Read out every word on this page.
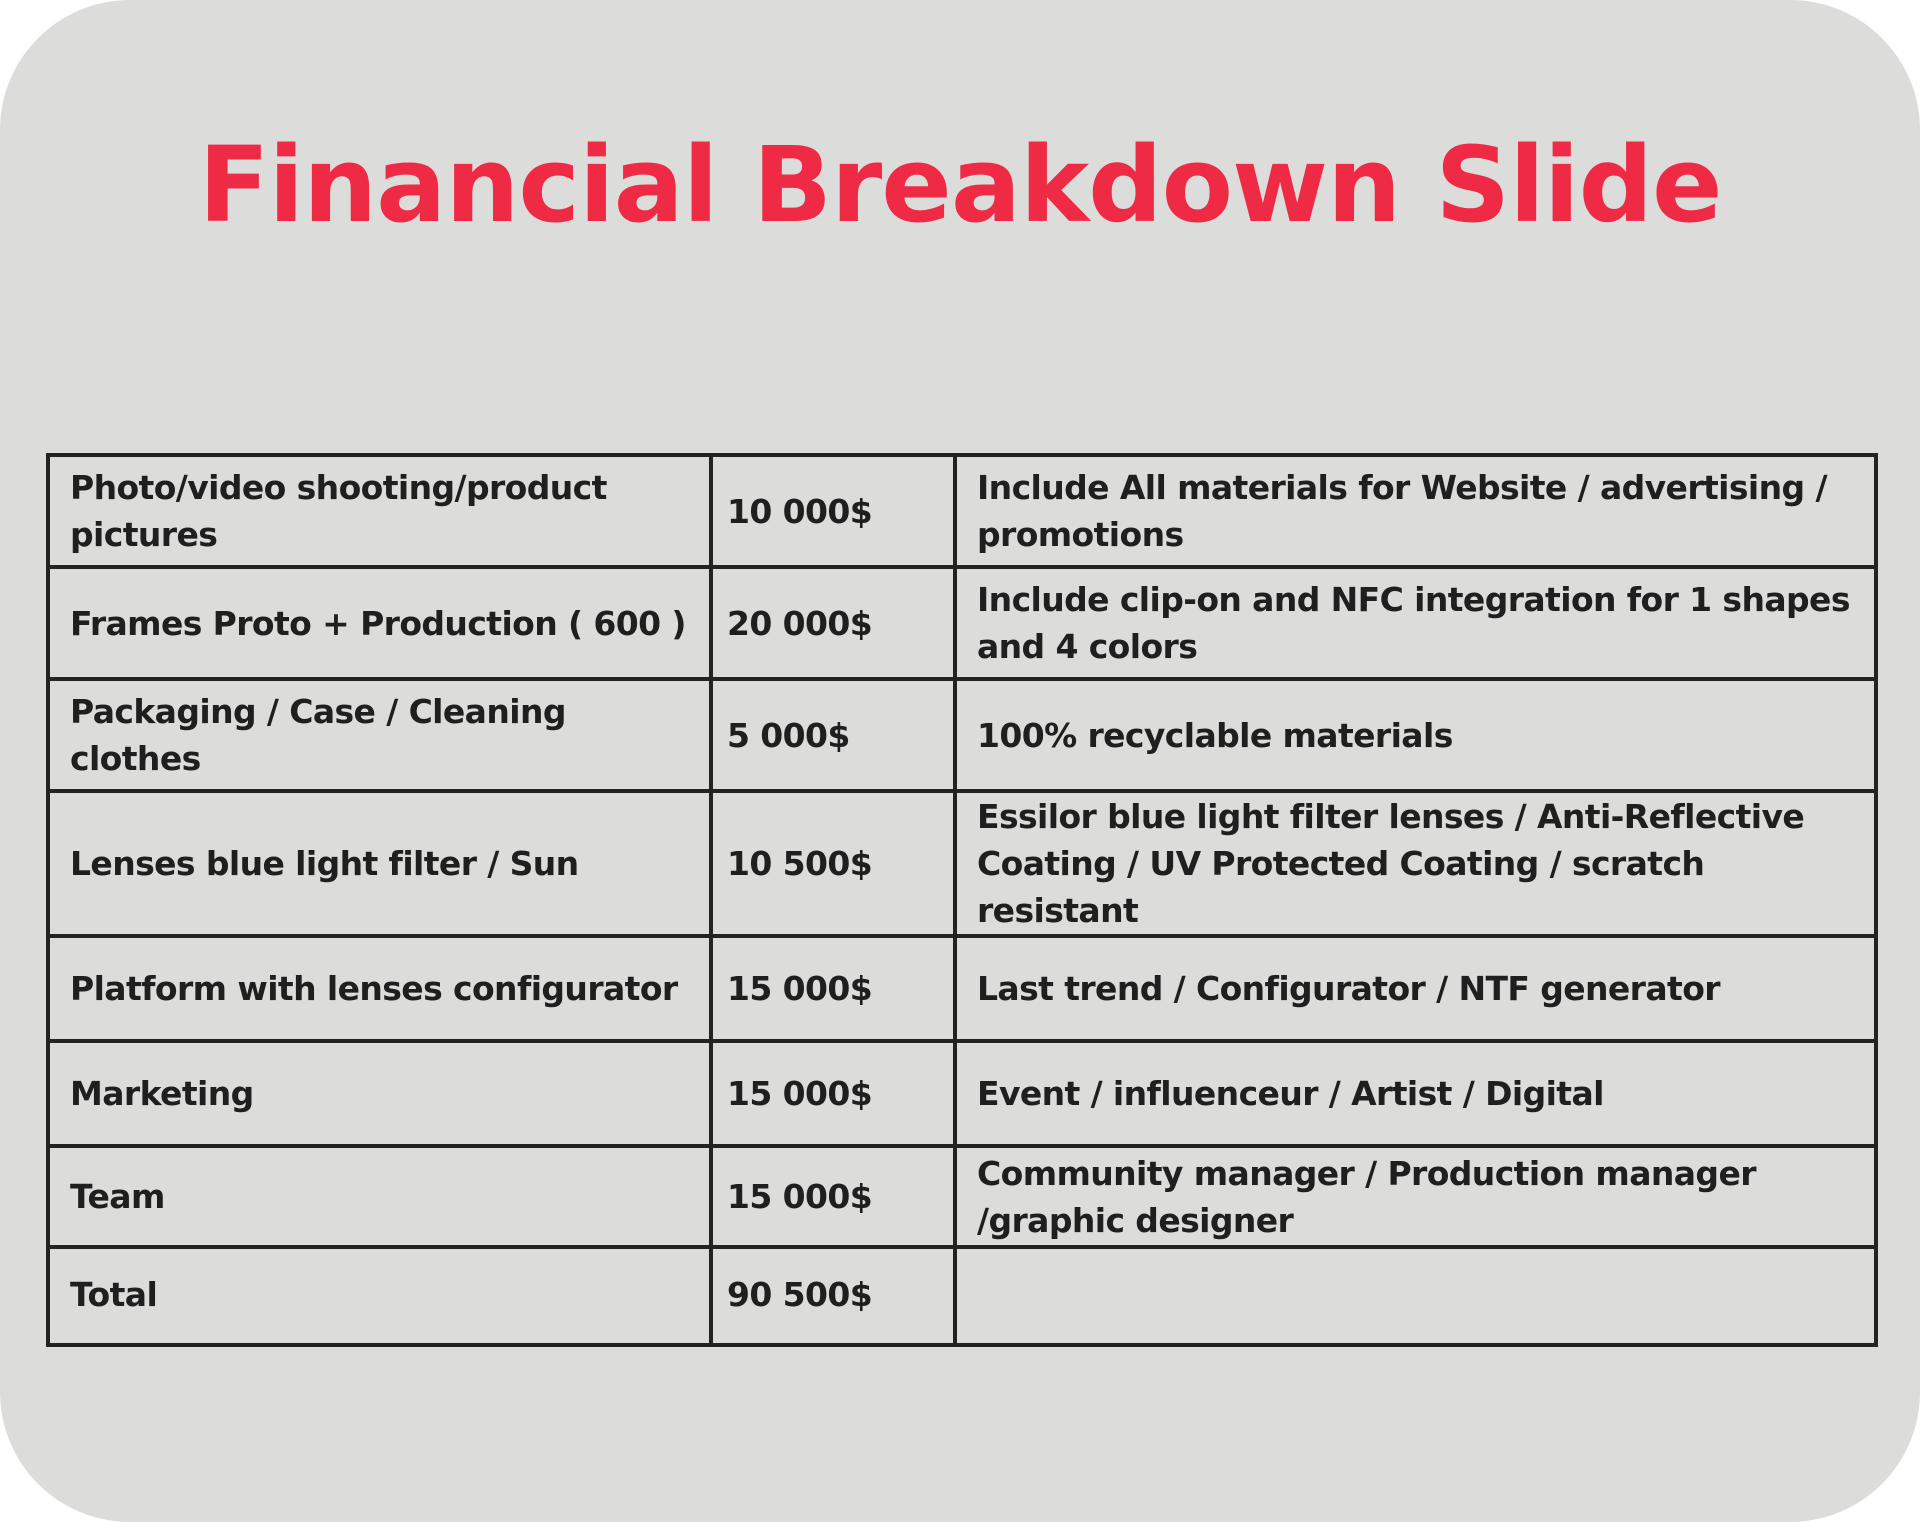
Financial Breakdown Slide
Photo/video shooting/product pictures	10 000$	Include All materials for Website / advertising / promotions
Frames Proto + Production ( 600 )	20 000$	Include clip-on and NFC integration for 1 shapes and 4 colors
Packaging / Case / Cleaning clothes	5 000$	100% recyclable materials
Lenses blue light filter / Sun	10 500$	Essilor blue light filter lenses / Anti-Reflective Coating / UV Protected Coating / scratch resistant
Platform with lenses configurator	15 000$	Last trend / Configurator / NTF generator
Marketing	15 000$	Event / influenceur / Artist / Digital
Team	15 000$	Community manager / Production manager /graphic designer
Total	90 500$	
